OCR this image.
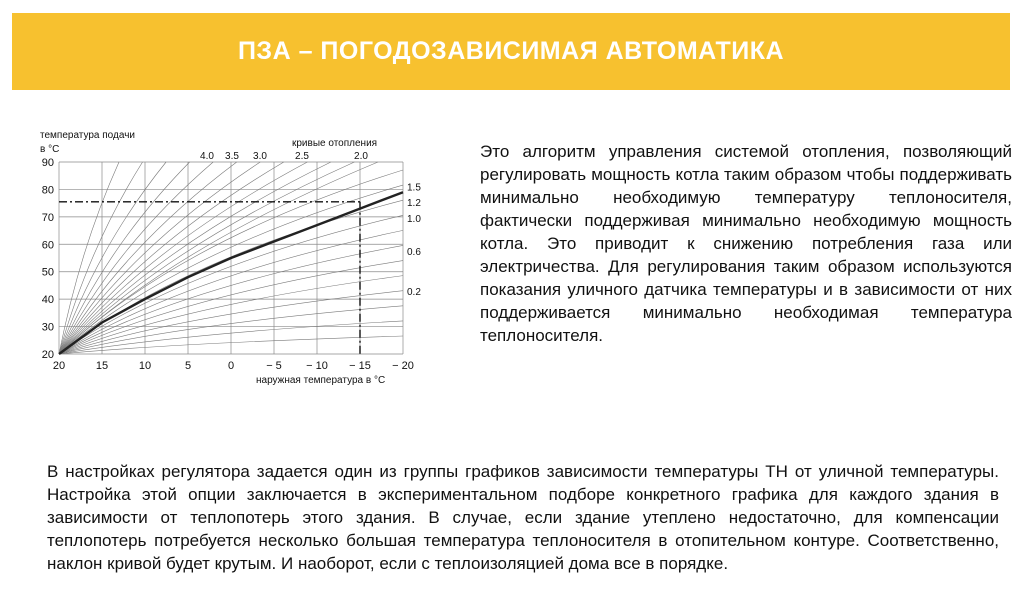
ПЗА – ПОГОДОЗАВИСИМАЯ АВТОМАТИКА
температура подачи
в °C
кривые отопления
наружная температура в °C
20	15	10	5	0	− 5 − 10 − 15 − 20
20
30
40
50
60
70
80
90
4.0 3.5 3.0	2.5	2.0
1.5
1.2
1.0
0.6
0.2
Это алгоритм управления системой отопления, позволяющий регулировать мощность котла таким образом чтобы поддерживать минимально необходимую температуру теплоносителя, фактически поддерживая минимально необходимую мощность котла. Это приводит к снижению потребления газа или электричества. Для регулирования таким образом используются показания уличного датчика температуры и в зависимости от них поддерживается минимально необходимая температура теплоносителя.
В настройках регулятора задается один из группы графиков зависимости температуры ТН от уличной температуры. Настройка этой опции заключается в экспериментальном подборе конкретного графика для каждого здания в зависимости от теплопотерь этого здания. В случае, если здание утеплено недостаточно, для компенсации теплопотерь потребуется несколько большая температура теплоносителя в отопительном контуре. Соответственно, наклон кривой будет крутым. И наоборот, если с теплоизоляцией дома все в порядке.
